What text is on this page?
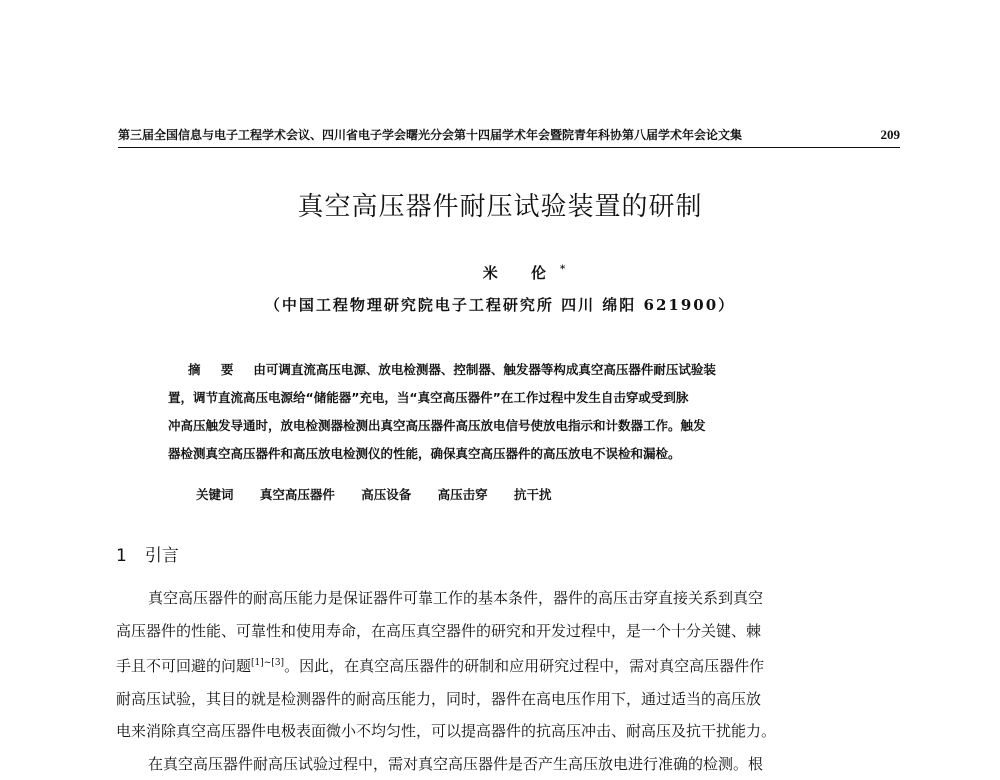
第三届全国信息与电子工程学术会议、四川省电子学会曙光分会第十四届学术年会暨院青年科协第八届学术年会论文集	209
真空高压器件耐压试验装置的研制
米 伦*
（中国工程物理研究院电子工程研究所 四川 绵阳 621900）
摘 要 由可调直流高压电源、放电检测器、控制器、触发器等构成真空高压器件耐压试验装
置，调节直流高压电源给“储能器”充电，当“真空高压器件”在工作过程中发生自击穿或受到脉
冲高压触发导通时，放电检测器检测出真空高压器件高压放电信号使放电指示和计数器工作。触发
器检测真空高压器件和高压放电检测仪的性能，确保真空高压器件的高压放电不误检和漏检。
关键词 真空高压器件 高压设备 高压击穿 抗干扰
1 引言
真空高压器件的耐高压能力是保证器件可靠工作的基本条件，器件的高压击穿直接关系到真空
高压器件的性能、可靠性和使用寿命，在高压真空器件的研究和开发过程中，是一个十分关键、棘
手且不可回避的问题[1]~[3]。因此，在真空高压器件的研制和应用研究过程中，需对真空高压器件作
耐高压试验，其目的就是检测器件的耐高压能力，同时，器件在高电压作用下，通过适当的高压放
电来消除真空高压器件电极表面微小不均匀性，可以提高器件的抗高压冲击、耐高压及抗干扰能力。
在真空高压器件耐高压试验过程中，需对真空高压器件是否产生高压放电进行准确的检测。根
